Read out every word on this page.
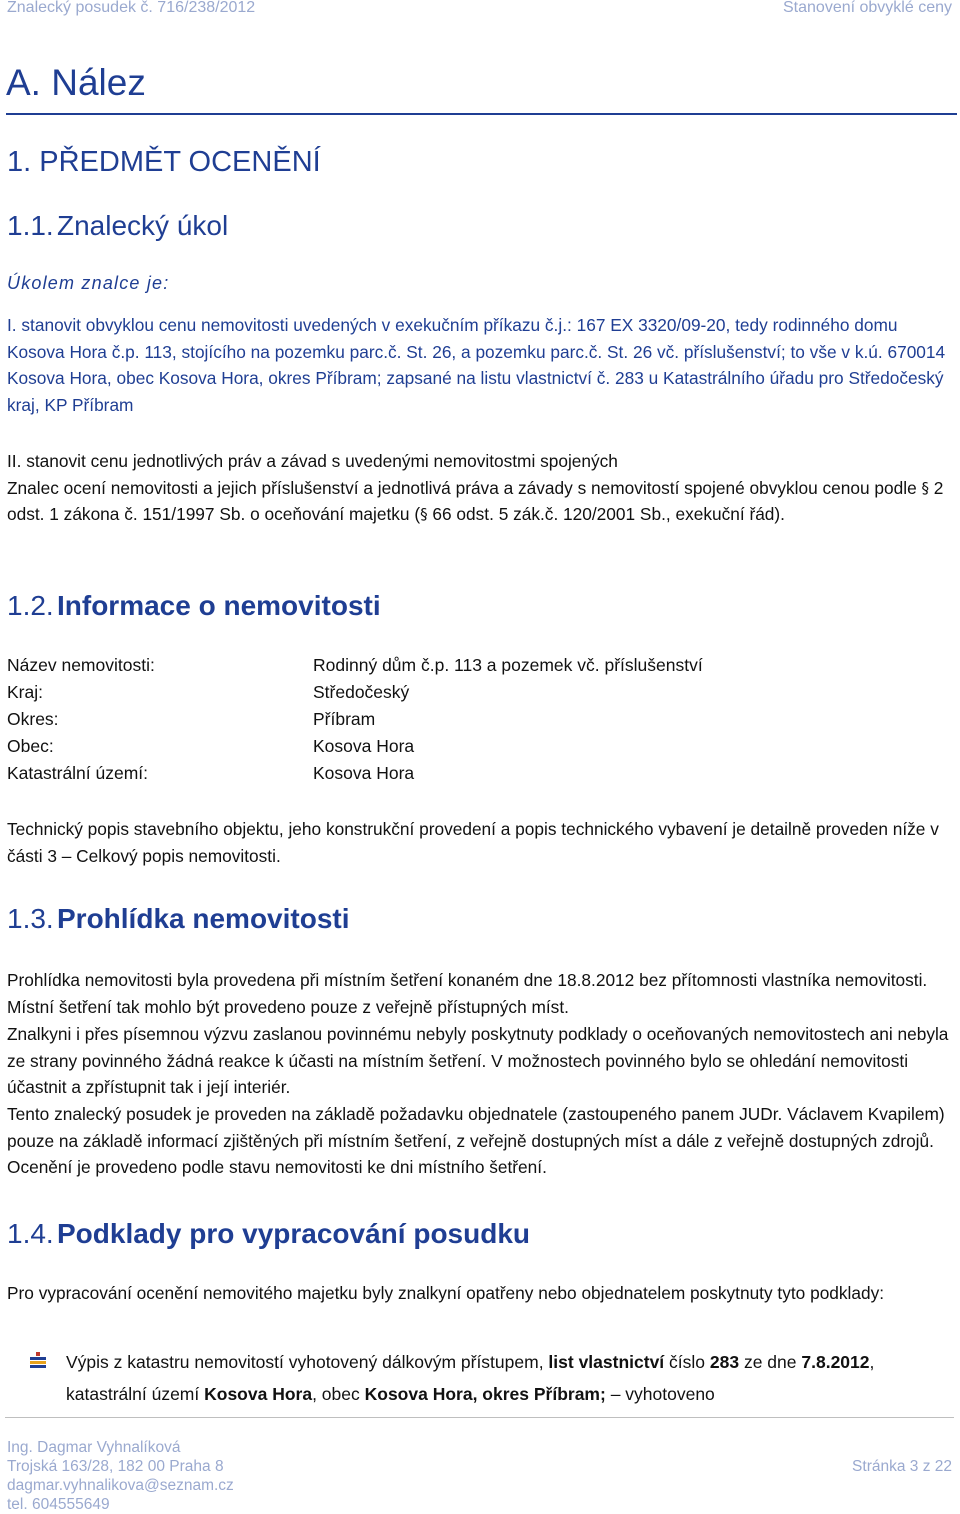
Znalecký posudek č. 716/238/2012	Stanovení obvyklé ceny
A. Nález
1. PŘEDMĚT OCENĚNÍ
1.1. Znalecký úkol
Úkolem znalce je:

I. stanovit obvyklou cenu nemovitosti uvedených v exekučním příkazu č.j.: 167 EX 3320/09-20, tedy rodinného domu Kosova Hora č.p. 113, stojícího na pozemku parc.č. St. 26, a pozemku parc.č. St. 26 vč. příslušenství; to vše v k.ú. 670014 Kosova Hora, obec Kosova Hora, okres Příbram; zapsané na listu vlastnictví č. 283 u Katastrálního úřadu pro Středočeský kraj, KP Příbram

II. stanovit cenu jednotlivých práv a závad s uvedenými nemovitostmi spojených
Znalec ocení nemovitosti a jejich příslušenství a jednotlivá práva a závady s nemovitostí spojené obvyklou cenou podle § 2 odst. 1 zákona č. 151/1997 Sb. o oceňování majetku (§ 66 odst. 5 zák.č. 120/2001 Sb., exekuční řád).

1.2. Informace o nemovitosti
Název nemovitosti:	Rodinný dům č.p. 113 a pozemek vč. příslušenství
Kraj:	Středočeský
Okres:	Příbram
Obec:	Kosova Hora
Katastrální území:	Kosova Hora

Technický popis stavebního objektu, jeho konstrukční provedení a popis technického vybavení je detailně proveden níže v části 3 – Celkový popis nemovitosti.

1.3. Prohlídka nemovitosti

Prohlídka nemovitosti byla provedena při místním šetření konaném dne 18.8.2012 bez přítomnosti vlastníka nemovitosti. Místní šetření tak mohlo být provedeno pouze z veřejně přístupných míst.

Znalkyni i přes písemnou výzvu zaslanou povinnému nebyly poskytnuty podklady o oceňovaných nemovitostech ani nebyla ze strany povinného žádná reakce k účasti na místním šetření. V možnostech povinného bylo se ohledání nemovitosti účastnit a zpřístupnit tak i její interiér.

Tento znalecký posudek je proveden na základě požadavku objednatele (zastoupeného panem JUDr. Václavem Kvapilem) pouze na základě informací zjištěných při místním šetření, z veřejně dostupných míst a dále z veřejně dostupných zdrojů. Ocenění je provedeno podle stavu nemovitosti ke dni místního šetření.

1.4. Podklady pro vypracování posudku

Pro vypracování ocenění nemovitého majetku byly znalkyní opatřeny nebo objednatelem poskytnuty tyto podklady:

Výpis z katastru nemovitostí vyhotovený dálkovým přístupem, list vlastnictví číslo 283 ze dne 7.8.2012, katastrální území Kosova Hora, obec Kosova Hora, okres Příbram; – vyhotoveno

Ing. Dagmar Vyhnalíková
Trojská 163/28, 182 00 Praha 8
dagmar.vyhnalikova@seznam.cz
tel. 604555649
Stránka 3 z 22
